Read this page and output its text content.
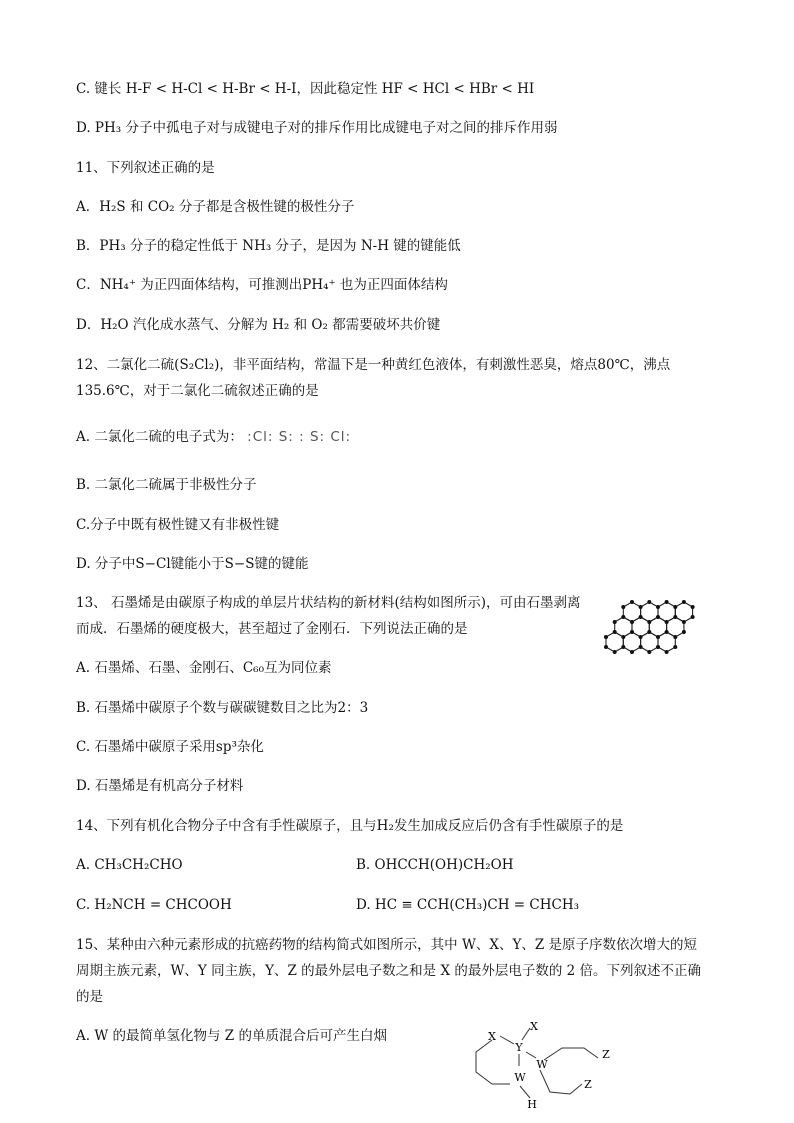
C. 键长 H-F < H-Cl < H-Br < H-I，因此稳定性 HF < HCl < HBr < HI
D. PH₃ 分子中孤电子对与成键电子对的排斥作用比成键电子对之间的排斥作用弱
11、下列叙述正确的是
A．H₂S 和 CO₂ 分子都是含极性键的极性分子
B．PH₃ 分子的稳定性低于 NH₃ 分子，是因为 N-H 键的键能低
C．NH₄⁺ 为正四面体结构，可推测出PH₄⁺ 也为正四面体结构
D．H₂O 汽化成水蒸气、分解为 H₂ 和 O₂ 都需要破坏共价键
12、二氯化二硫(S₂Cl₂)，非平面结构，常温下是一种黄红色液体，有刺激性恶臭，熔点80℃，沸点
135.6℃，对于二氯化二硫叙述正确的是
A. 二氯化二硫的电子式为： :Cl: S: : S: Cl:
B. 二氯化二硫属于非极性分子
C.分子中既有极性键又有非极性键
D. 分子中S−Cl键能小于S−S键的键能
13、 石墨烯是由碳原子构成的单层片状结构的新材料(结构如图所示)，可由石墨剥离
而成．石墨烯的硬度极大，甚至超过了金刚石．下列说法正确的是
A. 石墨烯、石墨、金刚石、C₆₀互为同位素
B. 石墨烯中碳原子个数与碳碳键数目之比为2：3
C. 石墨烯中碳原子采用sp³杂化
D. 石墨烯是有机高分子材料
14、下列有机化合物分子中含有手性碳原子，且与H₂发生加成反应后仍含有手性碳原子的是
A. CH₃CH₂CHO	B. OHCCH(OH)CH₂OH
C. H₂NCH = CHCOOH	D. HC ≡ CCH(CH₃)CH = CHCH₃
15、某种由六种元素形成的抗癌药物的结构简式如图所示，其中 W、X、Y、Z 是原子序数依次增大的短
周期主族元素，W、Y 同主族，Y、Z 的最外层电子数之和是 X 的最外层电子数的 2 倍。下列叙述不正确
的是
A. W 的最简单氢化物与 Z 的单质混合后可产生白烟	X
X
Y
W
W
H
Z
Z
